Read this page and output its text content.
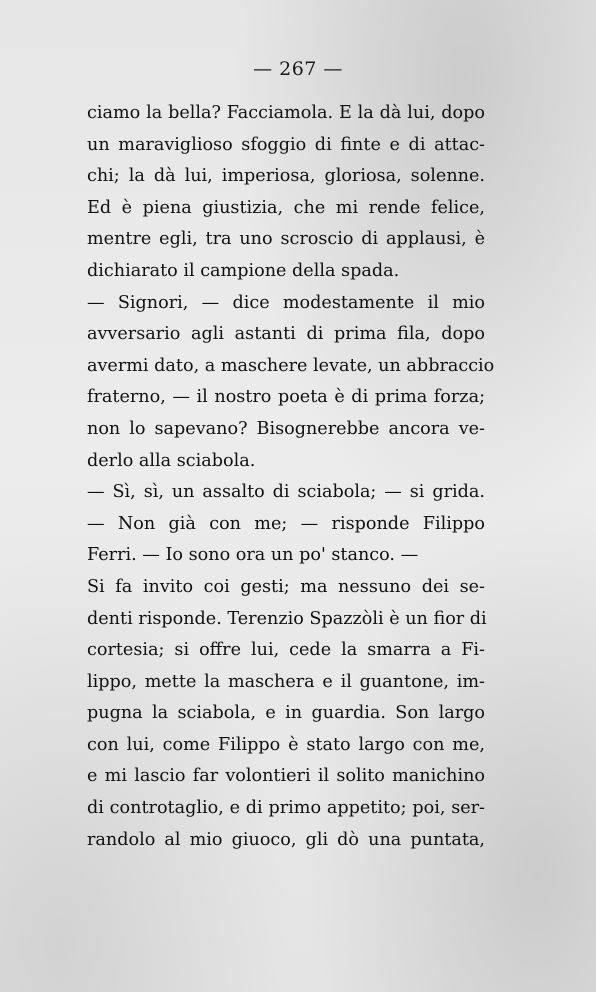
— 267 —
ciamo la bella? Facciamola. E la dà lui, dopo
un maraviglioso sfoggio di finte e di attac-
chi; la dà lui, imperiosa, gloriosa, solenne.
Ed è piena giustizia, che mi rende felice,
mentre egli, tra uno scroscio di applausi, è
dichiarato il campione della spada.
— Signori, — dice modestamente il mio
avversario agli astanti di prima fila, dopo
avermi dato, a maschere levate, un abbraccio
fraterno, — il nostro poeta è di prima forza;
non lo sapevano? Bisognerebbe ancora ve-
derlo alla sciabola.
— Sì, sì, un assalto di sciabola; — si grida.
— Non già con me; — risponde Filippo
Ferri. — Io sono ora un po' stanco. —
Si fa invito coi gesti; ma nessuno dei se-
denti risponde. Terenzio Spazzòli è un fior di
cortesia; si offre lui, cede la smarra a Fi-
lippo, mette la maschera e il guantone, im-
pugna la sciabola, e in guardia. Son largo
con lui, come Filippo è stato largo con me,
e mi lascio far volontieri il solito manichino
di controtaglio, e di primo appetito; poi, ser-
randolo al mio giuoco, gli dò una puntata,
